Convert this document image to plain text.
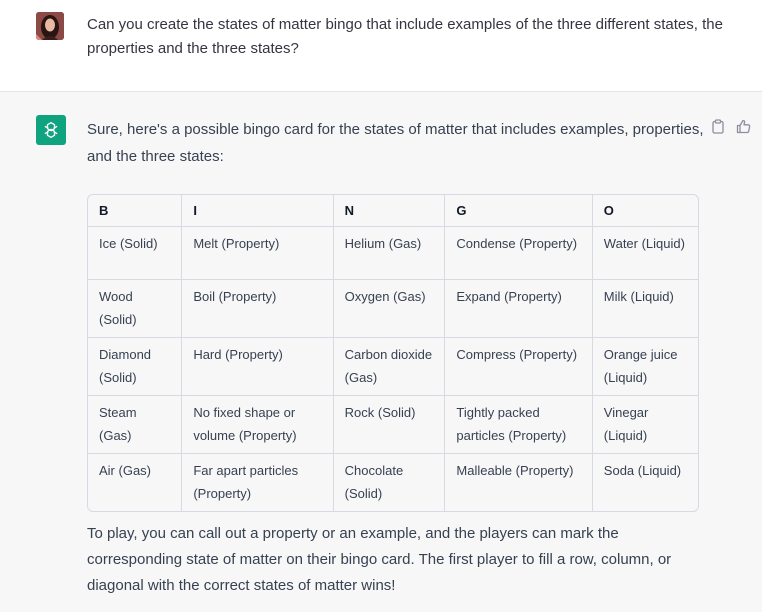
Can you create the states of matter bingo that include examples of the three different states, the properties and the three states?

Sure, here's a possible bingo card for the states of matter that includes examples, properties, and the three states:

B	I	N	G	O
Ice (Solid)	Melt (Property)	Helium (Gas)	Condense (Property)	Water (Liquid)
Wood (Solid)	Boil (Property)	Oxygen (Gas)	Expand (Property)	Milk (Liquid)
Diamond (Solid)	Hard (Property)	Carbon dioxide (Gas)	Compress (Property)	Orange juice (Liquid)
Steam (Gas)	No fixed shape or volume (Property)	Rock (Solid)	Tightly packed particles (Property)	Vinegar (Liquid)
Air (Gas)	Far apart particles (Property)	Chocolate (Solid)	Malleable (Property)	Soda (Liquid)

To play, you can call out a property or an example, and the players can mark the corresponding state of matter on their bingo card. The first player to fill a row, column, or diagonal with the correct states of matter wins!
